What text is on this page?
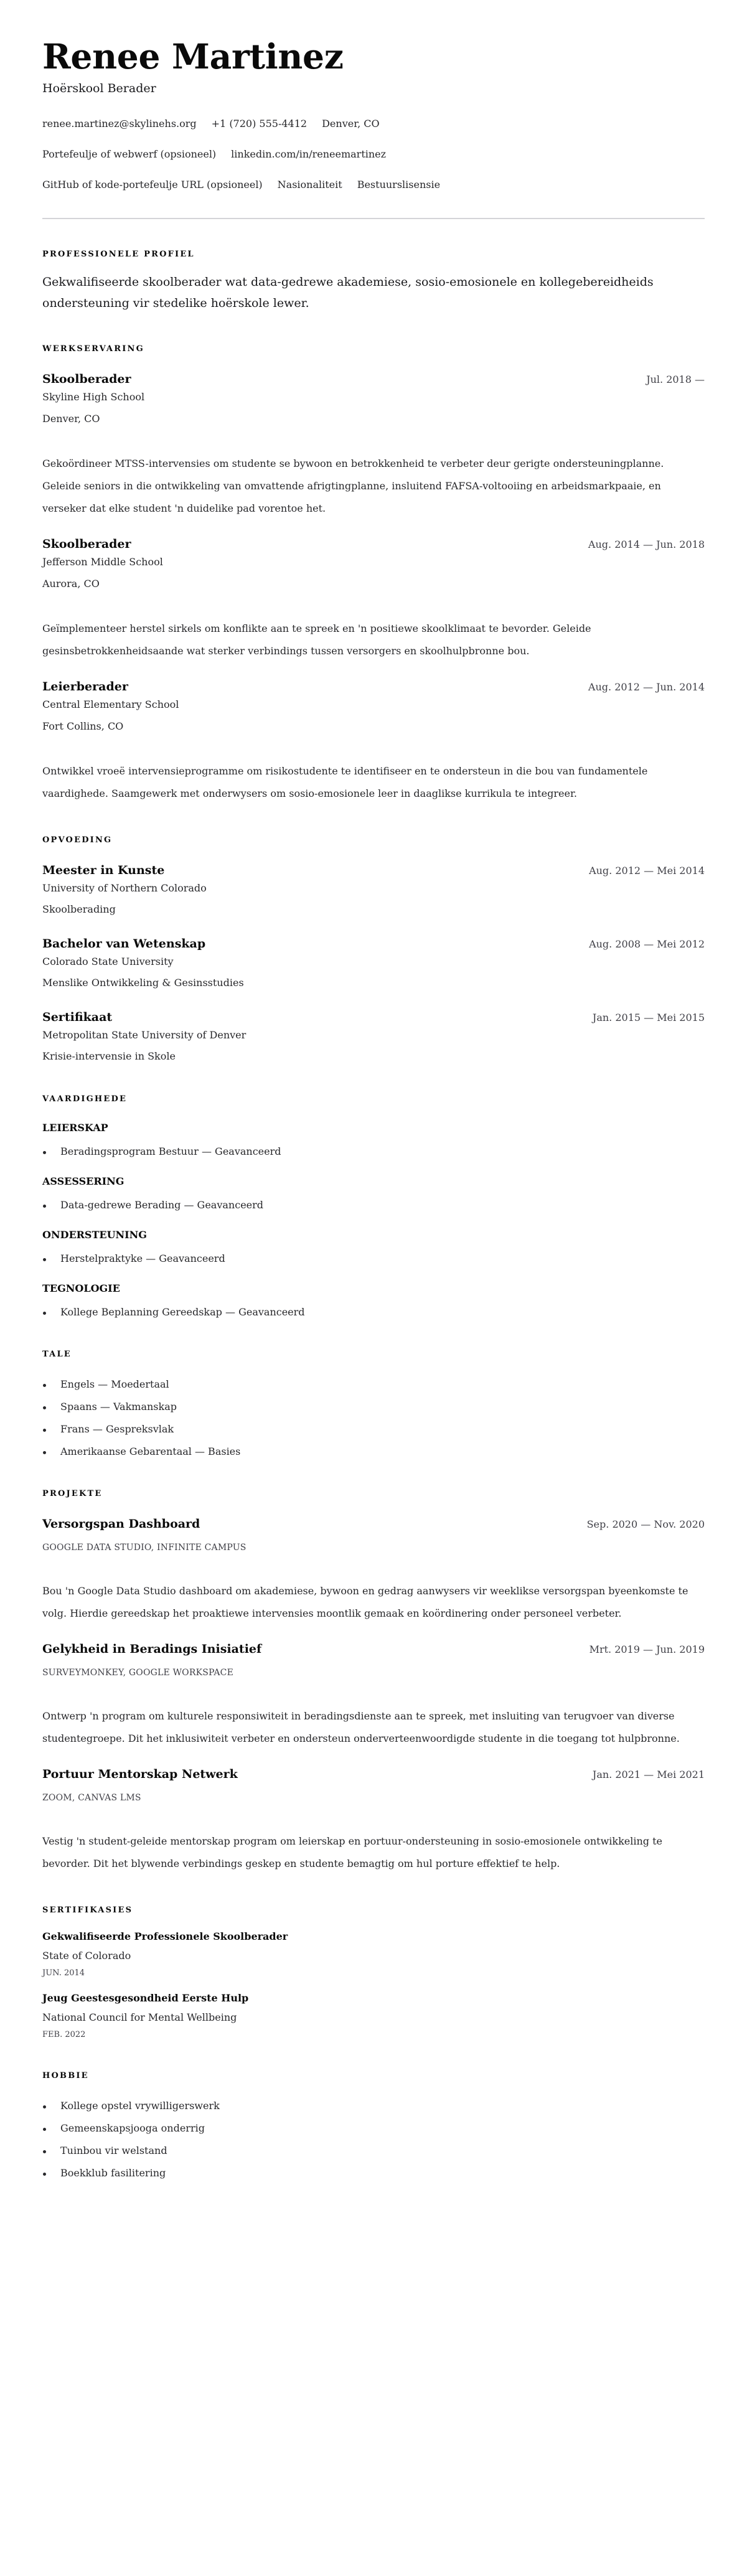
Renee Martinez
Hoërskool Berader
renee.martinez@skylinehs.org +1 (720) 555-4412 Denver, CO
Portefeulje of webwerf (opsioneel) linkedin.com/in/reneemartinez
GitHub of kode-portefeulje URL (opsioneel) Nasionaliteit Bestuurslisensie
PROFESSIONELE PROFIEL

Gekwalifiseerde skoolberader wat data-gedrewe akademiese, sosio-emosionele en kollegebereidheids ondersteuning vir stedelike hoërskole lewer.

WERKSERVARING
Skoolberader	Jul. 2018 —
Skyline High School
Denver, CO

Gekoördineer MTSS-intervensies om studente se bywoon en betrokkenheid te verbeter deur gerigte ondersteuningplanne. Geleide seniors in die ontwikkeling van omvattende afrigtingplanne, insluitend FAFSA-voltooiing en arbeidsmarkpaaie, en verseker dat elke student 'n duidelike pad vorentoe het.

Skoolberader	Aug. 2014 — Jun. 2018
Jefferson Middle School
Aurora, CO

Geïmplementeer herstel sirkels om konflikte aan te spreek en 'n positiewe skoolklimaat te bevorder. Geleide gesinsbetrokkenheidsaande wat sterker verbindings tussen versorgers en skoolhulpbronne bou.

Leierberader	Aug. 2012 — Jun. 2014
Central Elementary School
Fort Collins, CO

Ontwikkel vroeë intervensieprogramme om risikostudente te identifiseer en te ondersteun in die bou van fundamentele vaardighede. Saamgewerk met onderwysers om sosio-emosionele leer in daaglikse kurrikula te integreer.

OPVOEDING
Meester in Kunste	Aug. 2012 — Mei 2014
University of Northern Colorado
Skoolberading
Bachelor van Wetenskap	Aug. 2008 — Mei 2012
Colorado State University
Menslike Ontwikkeling & Gesinsstudies
Sertifikaat	Jan. 2015 — Mei 2015
Metropolitan State University of Denver
Krisie-intervensie in Skole
VAARDIGHEDE
LEIERSKAP
Beradingsprogram Bestuur — Geavanceerd
ASSESSERING
Data-gedrewe Berading — Geavanceerd
ONDERSTEUNING
Herstelpraktyke — Geavanceerd
TEGNOLOGIE
Kollege Beplanning Gereedskap — Geavanceerd
TALE
Engels — Moedertaal
Spaans — Vakmanskap
Frans — Gespreksvlak
Amerikaanse Gebarentaal — Basies
PROJEKTE
Versorgspan Dashboard	Sep. 2020 — Nov. 2020
GOOGLE DATA STUDIO, INFINITE CAMPUS

Bou 'n Google Data Studio dashboard om akademiese, bywoon en gedrag aanwysers vir weeklikse versorgspan byeenkomste te volg. Hierdie gereedskap het proaktiewe intervensies moontlik gemaak en koördinering onder personeel verbeter.

Gelykheid in Beradings Inisiatief	Mrt. 2019 — Jun. 2019
SURVEYMONKEY, GOOGLE WORKSPACE

Ontwerp 'n program om kulturele responsiwiteit in beradingsdienste aan te spreek, met insluiting van terugvoer van diverse studentegroepe. Dit het inklusiwiteit verbeter en ondersteun onderverteenwoordigde studente in die toegang tot hulpbronne.

Portuur Mentorskap Netwerk	Jan. 2021 — Mei 2021
ZOOM, CANVAS LMS

Vestig 'n student-geleide mentorskap program om leierskap en portuur-ondersteuning in sosio-emosionele ontwikkeling te bevorder. Dit het blywende verbindings geskep en studente bemagtig om hul porture effektief te help.

SERTIFIKASIES
Gekwalifiseerde Professionele Skoolberader
State of Colorado
JUN. 2014
Jeug Geestesgesondheid Eerste Hulp
National Council for Mental Wellbeing
FEB. 2022
HOBBIE
Kollege opstel vrywilligerswerk
Gemeenskapsjooga onderrig
Tuinbou vir welstand
Boekklub fasilitering
